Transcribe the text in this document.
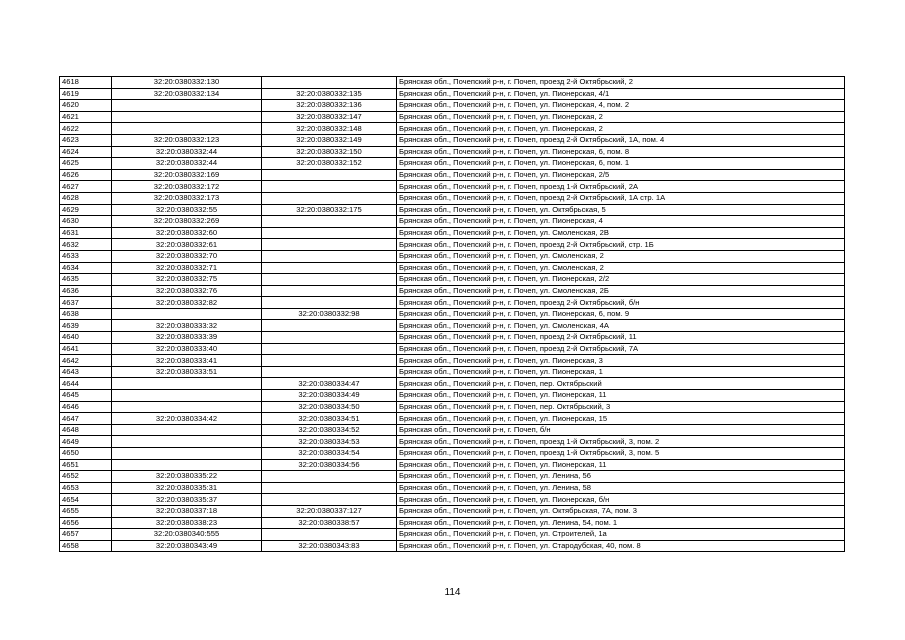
4618	32:20:0380332:130		Брянская обл., Почепский р-н, г. Почеп, проезд 2-й Октябрьский, 2
4619	32:20:0380332:134	32:20:0380332:135	Брянская обл., Почепский р-н, г. Почеп, ул. Пионерская, 4/1
4620		32:20:0380332:136	Брянская обл., Почепский р-н, г. Почеп, ул. Пионерская, 4, пом. 2
4621		32:20:0380332:147	Брянская обл., Почепский р-н, г. Почеп, ул. Пионерская, 2
4622		32:20:0380332:148	Брянская обл., Почепский р-н, г. Почеп, ул. Пионерская, 2
4623	32:20:0380332:123	32:20:0380332:149	Брянская обл., Почепский р-н, г. Почеп, проезд 2-й Октябрьский, 1А, пом. 4
4624	32:20:0380332:44	32:20:0380332:150	Брянская обл., Почепский р-н, г. Почеп, ул. Пионерская, 6, пом. 8
4625	32:20:0380332:44	32:20:0380332:152	Брянская обл., Почепский р-н, г. Почеп, ул. Пионерская, 6, пом. 1
4626	32:20:0380332:169		Брянская обл., Почепский р-н, г. Почеп, ул. Пионерская, 2/5
4627	32:20:0380332:172		Брянская обл., Почепский р-н, г. Почеп, проезд 1-й Октябрьский, 2А
4628	32:20:0380332:173		Брянская обл., Почепский р-н, г. Почеп, проезд 2-й Октябрьский, 1А стр. 1А
4629	32:20:0380332:55	32:20:0380332:175	Брянская обл., Почепский р-н, г. Почеп, ул. Октябрьская, 5
4630	32:20:0380332:269		Брянская обл., Почепский р-н, г. Почеп, ул. Пионерская, 4
4631	32:20:0380332:60		Брянская обл., Почепский р-н, г. Почеп, ул. Смоленская, 2В
4632	32:20:0380332:61		Брянская обл., Почепский р-н, г. Почеп, проезд 2-й Октябрьский, стр. 1Б
4633	32:20:0380332:70		Брянская обл., Почепский р-н, г. Почеп, ул. Смоленская, 2
4634	32:20:0380332:71		Брянская обл., Почепский р-н, г. Почеп, ул. Смоленская, 2
4635	32:20:0380332:75		Брянская обл., Почепский р-н, г. Почеп, ул. Пионерская, 2/2
4636	32:20:0380332:76		Брянская обл., Почепский р-н, г. Почеп, ул. Смоленская, 2Б
4637	32:20:0380332:82		Брянская обл., Почепский р-н, г. Почеп, проезд 2-й Октябрьский, б/н
4638		32:20:0380332:98	Брянская обл., Почепский р-н, г. Почеп, ул. Пионерская, 6, пом. 9
4639	32:20:0380333:32		Брянская обл., Почепский р-н, г. Почеп, ул. Смоленская, 4А
4640	32:20:0380333:39		Брянская обл., Почепский р-н, г. Почеп, проезд 2-й Октябрьский, 11
4641	32:20:0380333:40		Брянская обл., Почепский р-н, г. Почеп, проезд 2-й Октябрьский, 7А
4642	32:20:0380333:41		Брянская обл., Почепский р-н, г. Почеп, ул. Пионерская, 3
4643	32:20:0380333:51		Брянская обл., Почепский р-н, г. Почеп, ул. Пионерская, 1
4644		32:20:0380334:47	Брянская обл., Почепский р-н, г. Почеп, пер. Октябрьский
4645		32:20:0380334:49	Брянская обл., Почепский р-н, г. Почеп, ул. Пионерская, 11
4646		32:20:0380334:50	Брянская обл., Почепский р-н, г. Почеп, пер. Октябрьский, 3
4647	32:20:0380334:42	32:20:0380334:51	Брянская обл., Почепский р-н, г. Почеп, ул. Пионерская, 15
4648		32:20:0380334:52	Брянская обл., Почепский р-н, г. Почеп, б/н
4649		32:20:0380334:53	Брянская обл., Почепский р-н, г. Почеп, проезд 1-й Октябрьский, 3, пом. 2
4650		32:20:0380334:54	Брянская обл., Почепский р-н, г. Почеп, проезд 1-й Октябрьский, 3, пом. 5
4651		32:20:0380334:56	Брянская обл., Почепский р-н, г. Почеп, ул. Пионерская, 11
4652	32:20:0380335:22		Брянская обл., Почепский р-н, г. Почеп, ул. Ленина, 56
4653	32:20:0380335:31		Брянская обл., Почепский р-н, г. Почеп, ул. Ленина, 58
4654	32:20:0380335:37		Брянская обл., Почепский р-н, г. Почеп, ул. Пионерская, б/н
4655	32:20:0380337:18	32:20:0380337:127	Брянская обл., Почепский р-н, г. Почеп, ул. Октябрьская, 7А, пом. 3
4656	32:20:0380338:23	32:20:0380338:57	Брянская обл., Почепский р-н, г. Почеп, ул. Ленина, 54, пом. 1
4657	32:20:0380340:555		Брянская обл., Почепский р-н, г. Почеп, ул. Строителей, 1а
4658	32:20:0380343:49	32:20:0380343:83	Брянская обл., Почепский р-н, г. Почеп, ул. Стародубская, 40, пом. 8
114
